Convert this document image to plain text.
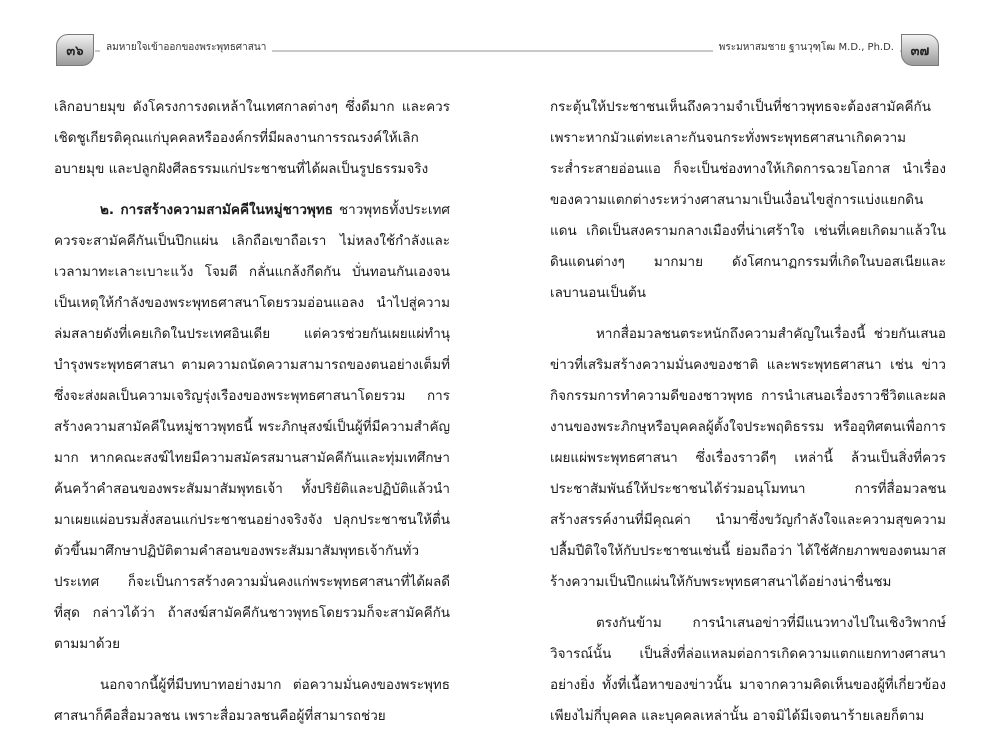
๓๖	ลมหายใจเข้าออกของพระพุทธศาสนา

เลิกอบายมุข ดังโครงการงดเหล้าในเทศกาลต่างๆ ซึ่งดีมาก และควรเชิดชูเกียรติคุณแก่บุคคลหรือองค์กรที่มีผลงานการรณรงค์ให้เลิกอบายมุข และปลูกฝังศีลธรรมแก่ประชาชนที่ได้ผลเป็นรูปธรรมจริง

๒. การสร้างความสามัคคีในหมู่ชาวพุทธ ชาวพุทธทั้งประเทศควรจะสามัคคีกันเป็นปึกแผ่น เลิกถือเขาถือเรา ไม่หลงใช้กำลังและเวลามาทะเลาะเบาะแว้ง โจมตี กลั่นแกล้งกีดกัน บั่นทอนกันเองจนเป็นเหตุให้กำลังของพระพุทธศาสนาโดยรวมอ่อนแอลง นำไปสู่ความล่มสลายดังที่เคยเกิดในประเทศอินเดีย แต่ควรช่วยกันเผยแผ่ทำนุบำรุงพระพุทธศาสนา ตามความถนัดความสามารถของตนอย่างเต็มที่ ซึ่งจะส่งผลเป็นความเจริญรุ่งเรืองของพระพุทธศาสนาโดยรวม การสร้างความสามัคคีในหมู่ชาวพุทธนี้ พระภิกษุสงฆ์เป็นผู้ที่มีความสำคัญมาก หากคณะสงฆ์ไทยมีความสมัครสมานสามัคคีกันและทุ่มเทศึกษาค้นคว้าคำสอนของพระสัมมาสัมพุทธเจ้า ทั้งปริยัติและปฏิบัติแล้วนำมาเผยแผ่อบรมสั่งสอนแก่ประชาชนอย่างจริงจัง ปลุกประชาชนให้ตื่นตัวขึ้นมาศึกษาปฏิบัติตามคำสอนของพระสัมมาสัมพุทธเจ้ากันทั่วประเทศ ก็จะเป็นการสร้างความมั่นคงแก่พระพุทธศาสนาที่ได้ผลดีที่สุด กล่าวได้ว่า ถ้าสงฆ์สามัคคีกันชาวพุทธโดยรวมก็จะสามัคคีกันตามมาด้วย

นอกจากนี้ผู้ที่มีบทบาทอย่างมาก ต่อความมั่นคงของพระพุทธศาสนาก็คือสื่อมวลชน เพราะสื่อมวลชนคือผู้ที่สามารถช่วย

๓๗
พระมหาสมชาย ฐานวุฑฺโฒ M.D., Ph.D.

กระตุ้นให้ประชาชนเห็นถึงความจำเป็นที่ชาวพุทธจะต้องสามัคคีกัน เพราะหากมัวแต่ทะเลาะกันจนกระทั่งพระพุทธศาสนาเกิดความระส่ำระสายอ่อนแอ ก็จะเป็นช่องทางให้เกิดการฉวยโอกาส นำเรื่องของความแตกต่างระหว่างศาสนามาเป็นเงื่อนไขสู่การแบ่งแยกดินแดน เกิดเป็นสงครามกลางเมืองที่น่าเศร้าใจ เช่นที่เคยเกิดมาแล้วในดินแดนต่างๆ มากมาย ดังโศกนาฏกรรมที่เกิดในบอสเนียและเลบานอนเป็นต้น

หากสื่อมวลชนตระหนักถึงความสำคัญในเรื่องนี้ ช่วยกันเสนอข่าวที่เสริมสร้างความมั่นคงของชาติ และพระพุทธศาสนา เช่น ข่าวกิจกรรมการทำความดีของชาวพุทธ การนำเสนอเรื่องราวชีวิตและผลงานของพระภิกษุหรือบุคคลผู้ตั้งใจประพฤติธรรม หรืออุทิศตนเพื่อการเผยแผ่พระพุทธศาสนา ซึ่งเรื่องราวดีๆ เหล่านี้ ล้วนเป็นสิ่งที่ควรประชาสัมพันธ์ให้ประชาชนได้ร่วมอนุโมทนา การที่สื่อมวลชนสร้างสรรค์งานที่มีคุณค่า นำมาซึ่งขวัญกำลังใจและความสุขความปลื้มปีติใจให้กับประชาชนเช่นนี้ ย่อมถือว่า ได้ใช้ศักยภาพของตนมาสร้างความเป็นปึกแผ่นให้กับพระพุทธศาสนาได้อย่างน่าชื่นชม

ตรงกันข้าม การนำเสนอข่าวที่มีแนวทางไปในเชิงวิพากษ์วิจารณ์นั้น เป็นสิ่งที่ล่อแหลมต่อการเกิดความแตกแยกทางศาสนาอย่างยิ่ง ทั้งที่เนื้อหาของข่าวนั้น มาจากความคิดเห็นของผู้ที่เกี่ยวข้องเพียงไม่กี่บุคคล และบุคคลเหล่านั้น อาจมิได้มีเจตนาร้ายเลยก็ตาม
